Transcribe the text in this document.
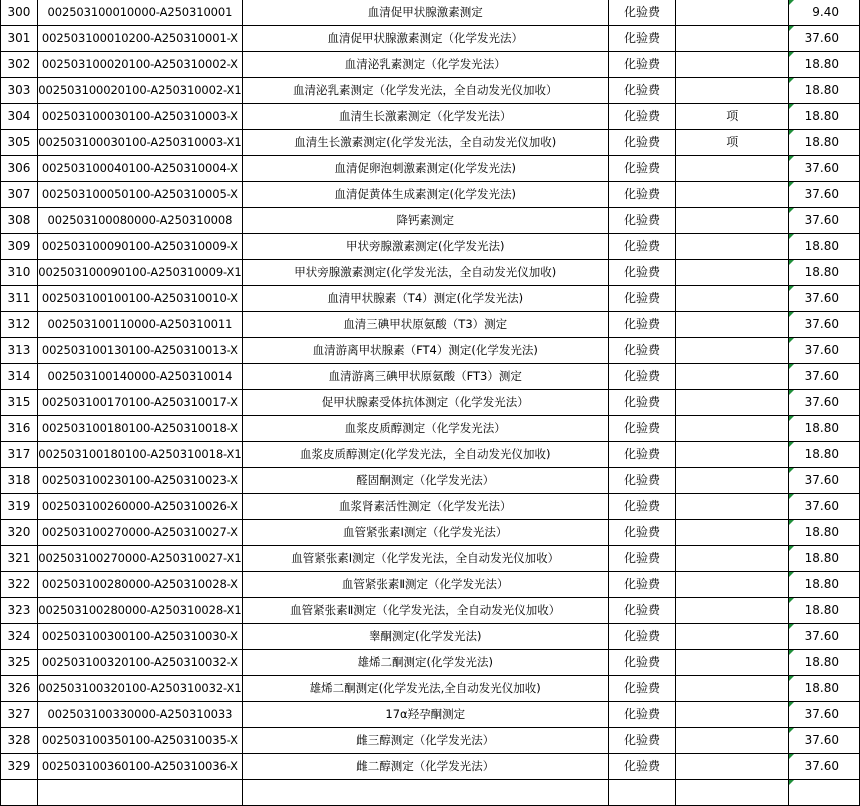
300	002503100010000-A250310001	血清促甲状腺激素测定	化验费		9.40
301	002503100010200-A250310001-X	血清促甲状腺激素测定（化学发光法）	化验费		37.60
302	002503100020100-A250310002-X	血清泌乳素测定（化学发光法）	化验费		18.80
303	002503100020100-A250310002-X1	血清泌乳素测定（化学发光法，全自动发光仪加收）	化验费		18.80
304	002503100030100-A250310003-X	血清生长激素测定（化学发光法）	化验费	项	18.80
305	002503100030100-A250310003-X1	血清生长激素测定(化学发光法，全自动发光仪加收)	化验费	项	18.80
306	002503100040100-A250310004-X	血清促卵泡刺激素测定(化学发光法)	化验费		37.60
307	002503100050100-A250310005-X	血清促黄体生成素测定(化学发光法)	化验费		37.60
308	002503100080000-A250310008	降钙素测定	化验费		37.60
309	002503100090100-A250310009-X	甲状旁腺激素测定(化学发光法)	化验费		18.80
310	002503100090100-A250310009-X1	甲状旁腺激素测定(化学发光法，全自动发光仪加收)	化验费		18.80
311	002503100100100-A250310010-X	血清甲状腺素（T4）测定(化学发光法)	化验费		37.60
312	002503100110000-A250310011	血清三碘甲状原氨酸（T3）测定	化验费		37.60
313	002503100130100-A250310013-X	血清游离甲状腺素（FT4）测定(化学发光法)	化验费		37.60
314	002503100140000-A250310014	血清游离三碘甲状原氨酸（FT3）测定	化验费		37.60
315	002503100170100-A250310017-X	促甲状腺素受体抗体测定（化学发光法）	化验费		37.60
316	002503100180100-A250310018-X	血浆皮质醇测定（化学发光法）	化验费		18.80
317	002503100180100-A250310018-X1	血浆皮质醇测定(化学发光法，全自动发光仪加收)	化验费		18.80
318	002503100230100-A250310023-X	醛固酮测定（化学发光法）	化验费		37.60
319	002503100260000-A250310026-X	血浆肾素活性测定（化学发光法）	化验费		37.60
320	002503100270000-A250310027-X	血管紧张素Ⅰ测定（化学发光法）	化验费		18.80
321	002503100270000-A250310027-X1	血管紧张素Ⅰ测定（化学发光法，全自动发光仪加收）	化验费		18.80
322	002503100280000-A250310028-X	血管紧张素Ⅱ测定（化学发光法）	化验费		18.80
323	002503100280000-A250310028-X1	血管紧张素Ⅱ测定（化学发光法，全自动发光仪加收）	化验费		18.80
324	002503100300100-A250310030-X	睾酮测定(化学发光法)	化验费		37.60
325	002503100320100-A250310032-X	雄烯二酮测定(化学发光法)	化验费		18.80
326	002503100320100-A250310032-X1	雄烯二酮测定(化学发光法,全自动发光仪加收)	化验费		18.80
327	002503100330000-A250310033	17α羟孕酮测定	化验费		37.60
328	002503100350100-A250310035-X	雌三醇测定（化学发光法）	化验费		37.60
329	002503100360100-A250310036-X	雌二醇测定（化学发光法）	化验费		37.60
